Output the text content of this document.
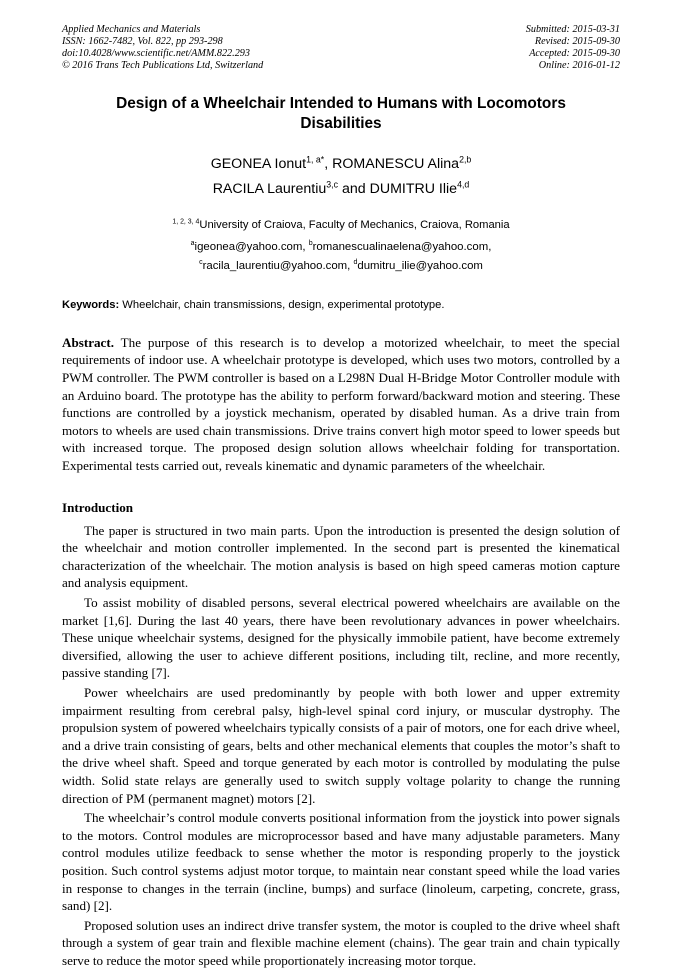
Applied Mechanics and Materials
ISSN: 1662-7482, Vol. 822, pp 293-298
doi:10.4028/www.scientific.net/AMM.822.293
© 2016 Trans Tech Publications Ltd, Switzerland
Submitted: 2015-03-31
Revised: 2015-09-30
Accepted: 2015-09-30
Online: 2016-01-12
Design of a Wheelchair Intended to Humans with Locomotors Disabilities
GEONEA Ionut$^{1, a*}$, ROMANESCU Alina$^{2,b}$
RACILA Laurentiu$^{3,c}$ and DUMITRU Ilie$^{4,d}$
$^{1, 2, 3, 4}$University of Craiova, Faculty of Mechanics, Craiova, Romania
$^a$igeonea@yahoo.com, $^b$romanescualinaelena@yahoo.com,
$^c$racila_laurentiu@yahoo.com, $^d$dumitru_ilie@yahoo.com
Keywords: Wheelchair, chain transmissions, design, experimental prototype.
Abstract. The purpose of this research is to develop a motorized wheelchair, to meet the special requirements of indoor use. A wheelchair prototype is developed, which uses two motors, controlled by a PWM controller. The PWM controller is based on a L298N Dual H-Bridge Motor Controller module with an Arduino board. The prototype has the ability to perform forward/backward motion and steering. These functions are controlled by a joystick mechanism, operated by disabled human. As a drive train from motors to wheels are used chain transmissions. Drive trains convert high motor speed to lower speeds but with increased torque. The proposed design solution allows wheelchair folding for transportation. Experimental tests carried out, reveals kinematic and dynamic parameters of the wheelchair.
Introduction
The paper is structured in two main parts. Upon the introduction is presented the design solution of the wheelchair and motion controller implemented. In the second part is presented the kinematical characterization of the wheelchair. The motion analysis is based on high speed cameras motion capture and analysis equipment.
To assist mobility of disabled persons, several electrical powered wheelchairs are available on the market [1,6]. During the last 40 years, there have been revolutionary advances in power wheelchairs. These unique wheelchair systems, designed for the physically immobile patient, have become extremely diversified, allowing the user to achieve different positions, including tilt, recline, and more recently, passive standing [7].
Power wheelchairs are used predominantly by people with both lower and upper extremity impairment resulting from cerebral palsy, high-level spinal cord injury, or muscular dystrophy. The propulsion system of powered wheelchairs typically consists of a pair of motors, one for each drive wheel, and a drive train consisting of gears, belts and other mechanical elements that couples the motor’s shaft to the drive wheel shaft. Speed and torque generated by each motor is controlled by modulating the pulse width. Solid state relays are generally used to switch supply voltage polarity to change the running direction of PM (permanent magnet) motors [2].
The wheelchair’s control module converts positional information from the joystick into power signals to the motors. Control modules are microprocessor based and have many adjustable parameters. Many control modules utilize feedback to sense whether the motor is responding properly to the joystick position. Such control systems adjust motor torque, to maintain near constant speed while the load varies in response to changes in the terrain (incline, bumps) and surface (linoleum, carpeting, concrete, grass, sand) [2].
Proposed solution uses an indirect drive transfer system, the motor is coupled to the drive wheel shaft through a system of gear train and flexible machine element (chains). The gear train and chain typically serve to reduce the motor speed while proportionately increasing motor torque.
